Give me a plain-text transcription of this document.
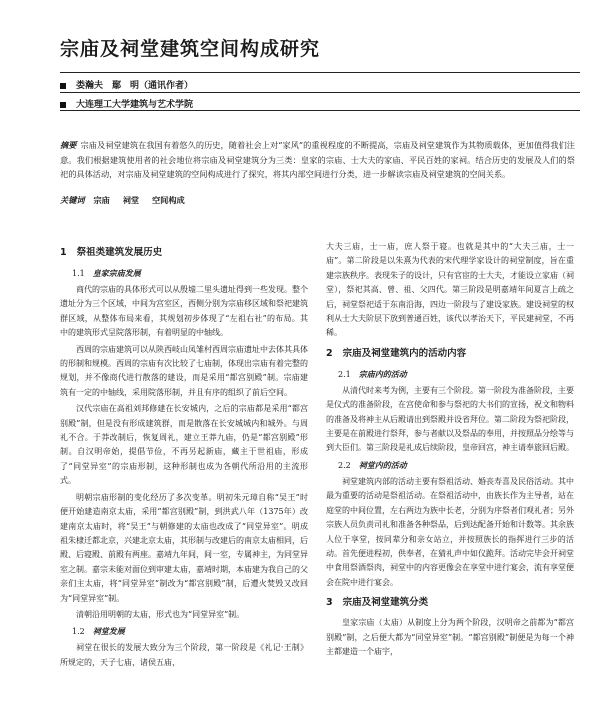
宗庙及祠堂建筑空间构成研究
娄瀚夫　鄢　明（通讯作者）
大连理工大学建筑与艺术学院
摘要 宗庙及祠堂建筑在我国有着悠久的历史，随着社会上对“家风”的重视程度的不断提高，宗庙及祠堂建筑作为其物质载体，更加值得我们注意。我们根据建筑使用者的社会地位将宗庙及祠堂建筑分为三类：皇家的宗庙、士大夫的家庙、平民百姓的家祠。结合历史的发展及人们的祭祀的具体活动，对宗庙及祠堂建筑的空间构成进行了探究，将其内部空间进行分类，进一步解读宗庙及祠堂建筑的空间关系。
关键词 宗庙 祠堂 空间构成
1 祭祖类建筑发展历史
1.1 皇家宗庙发展

商代的宗庙的具体形式可以从殷墟二里头遗址得到一些发现。整个遗址分为三个区域，中间为宫室区，西侧分别为宗庙移区域和祭祀建筑群区域，从整体布局来看，其规划初步体现了“左祖右社”的布局。其中的建筑形式呈院落形制，有着明显的中轴线。

西周的宗庙建筑可以从陕西岐山凤雏村西周宗庙遗址中去体其具体的形制和规模。西周的宗庙有次比较了七庙制，体现出宗庙有着完整的规划，并不像商代进行散落的建设，而是采用“都宫别殿”制。宗庙建筑有一定的中轴线，采用院落形制，并且有序的组织了前后空间。

汉代宗庙在高祖刘邦修建在长安城内，之后的宗庙都是采用“都宫别殿”制，但是没有形成建筑群，而是散落在长安城城内和城外。与周礼不合。于莽改制后，恢复周礼，建立王莽九庙，仍是“都宫别殿”形制。自汉明帝始，提倡节俭，不再另起新庙，藏主于世祖庙，形成了“同堂异室”的宗庙形制，这种形制也成为各朝代所沿用的主流形式。

明朝宗庙形制的变化经历了多次变革。明初朱元璋自称“吴王”时便开始建造南京太庙，采用“都宫别殿”制，到洪武八年（1375年）改建南京太庙时，将“吴王”与朝修建的太庙也改成了“同堂异室”。明成祖朱棣迁都北京，兴建北京太庙，其形制与改建后的南京太庙相同，后殿、后寝殿、前殿有两座。嘉靖九年间，间一室，专属神主，为同堂异室之制。嘉宗未能对面位到审建太庙，嘉靖时期，本庙建为我自己的父亲们主太庙，将“同堂异室”制改为“都宫别殿”制，后遭火焚毁又改回为“同堂异室”制。

清朝沿用明朝的太庙，形式也为“同堂异室”制。

1.2 祠堂发展

祠堂在很长的发展大致分为三个阶段，第一阶段是《礼记·王制》所规定的，天子七庙，诸侯五庙，

大夫三庙，士一庙，庶人祭于寝。也就是其中的“大夫三庙，士一庙”。第二阶段是以朱熹为代表的宋代理学家设计的祠堂制度，旨在重建宗族秩序。表现朱子的设计，只有官宦的士大夫，才能设立家庙（祠堂），祭祀其高、曾、祖、父四代。第三阶段是明嘉靖年间夏言上疏之后，祠堂祭祀适于东南沿海，四边一阶段与了建设家族。建设祠堂的权利从士大夫阶层下放到普通百姓，该代以孝治天下，平民建祠堂，不再稀。

2 宗庙及祠堂建筑内的活动内容
2.1 宗庙内的活动

从清代时来考为例，主要有三个阶段。第一阶段为准备阶段，主要是仪式的准备阶段，在宫使命和参与祭祀的大书们的宣扬，祝文和物料的准备及将神主从后殿请出到祭殿并设省拜位。第二阶段为祭祀阶段，主要是在前殿进行祭拜，参与者献以及祭品的奉用，并按照品分绘等与到大臣们。第三阶段是礼成后续阶段，皇帝回宫，神主请奉旅回后殿。

2.2 祠堂内的活动

祠堂建筑内部的活动主要有祭祖活动、婚丧寿喜及民俗活动。其中最为重要的活动是祭祖活动。在祭祖活动中，由族长作为主导者，站在庭堂的中间位置，左右两边为族中长老，分别为序祭者们观礼者；另外宗族人员负责司礼和准备各种祭品，后到达配备开始和计数等。其余族人位于享堂，按同辈分和亲女站立，并按照族长的指挥进行三步的活动。首先便进程初，供奉者，在猜礼声中如仪跪拜。活动完毕会开祠堂中食用祭酒祭肉，祠堂中的内容更像会在享堂中进行宴会，流有享堂便会在院中进行宴会。

3 宗庙及祠堂建筑分类

皇家宗庙（太庙）从制度上分为两个阶段，汉明帝之前都为“都宫别殿”制，之后便大都为“同堂异室”制。“都宫别殿”制便是为每一个神主都建造一个庙宇，
